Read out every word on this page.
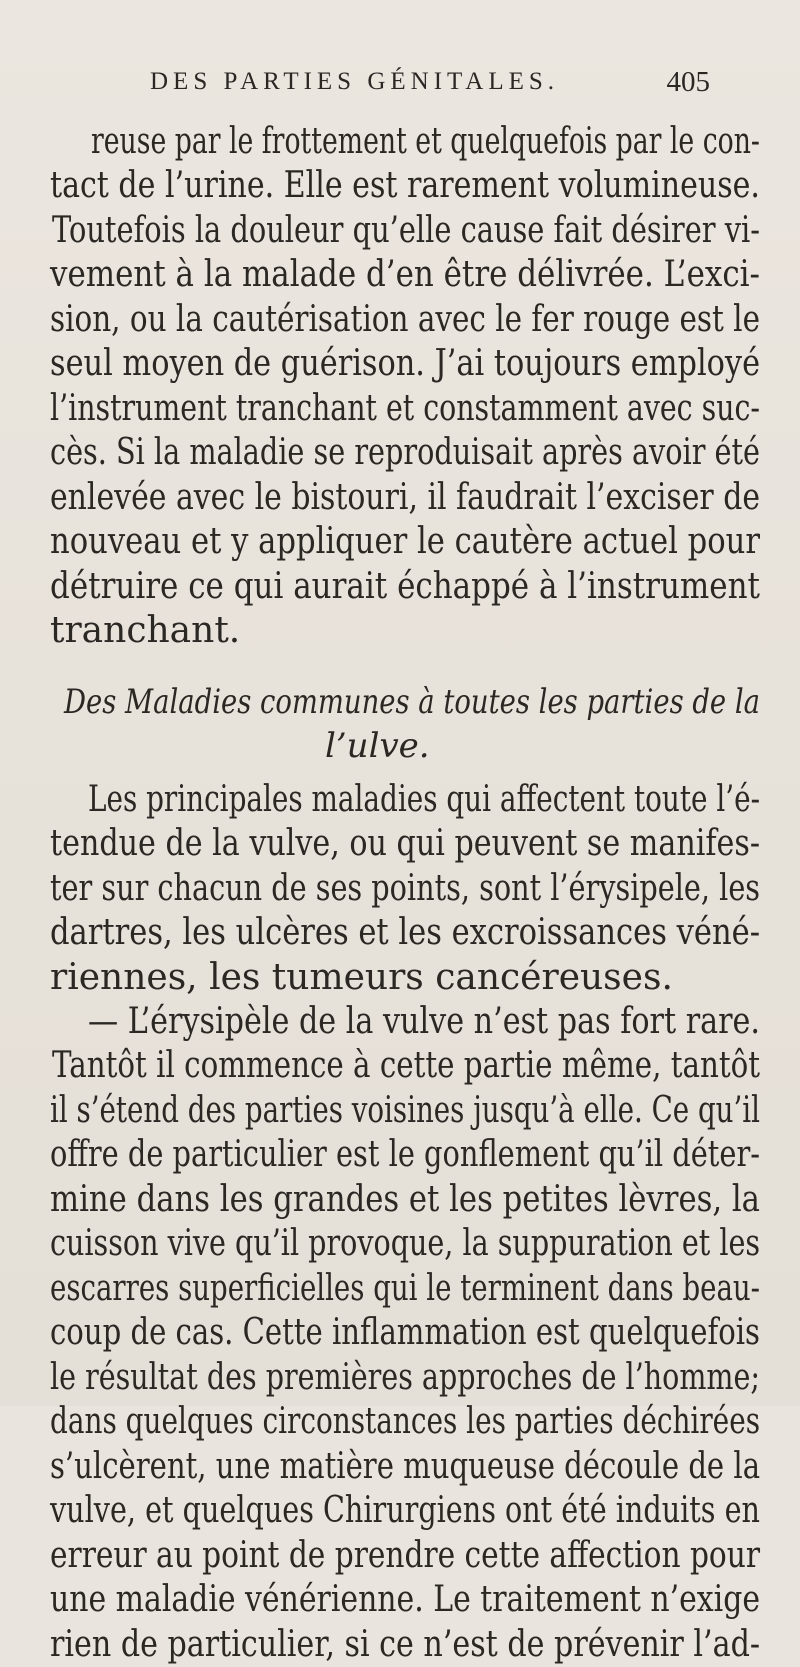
DES PARTIES GÉNITALES.	405
reuse par le frottement et quelquefois par le con-
tact de l’urine. Elle est rarement volumineuse.
Toutefois la douleur qu’elle cause fait désirer vi-
vement à la malade d’en être délivrée. L’exci-
sion, ou la cautérisation avec le fer rouge est le
seul moyen de guérison. J’ai toujours employé
l’instrument tranchant et constamment avec suc-
cès. Si la maladie se reproduisait après avoir été
enlevée avec le bistouri, il faudrait l’exciser de
nouveau et y appliquer le cautère actuel pour
détruire ce qui aurait échappé à l’instrument
tranchant.
Des Maladies communes à toutes les parties de la
l’ulve.
Les principales maladies qui affectent toute l’é-
tendue de la vulve, ou qui peuvent se manifes-
ter sur chacun de ses points, sont l’érysipele, les
dartres, les ulcères et les excroissances véné-
riennes, les tumeurs cancéreuses.
— L’érysipèle de la vulve n’est pas fort rare.
Tantôt il commence à cette partie même, tantôt
il s’étend des parties voisines jusqu’à elle. Ce qu’il
offre de particulier est le gonflement qu’il déter-
mine dans les grandes et les petites lèvres, la
cuisson vive qu’il provoque, la suppuration et les
escarres superficielles qui le terminent dans beau-
coup de cas. Cette inflammation est quelquefois
le résultat des premières approches de l’homme;
dans quelques circonstances les parties déchirées
s’ulcèrent, une matière muqueuse découle de la
vulve, et quelques Chirurgiens ont été induits en
erreur au point de prendre cette affection pour
une maladie vénérienne. Le traitement n’exige
rien de particulier, si ce n’est de prévenir l’ad-
